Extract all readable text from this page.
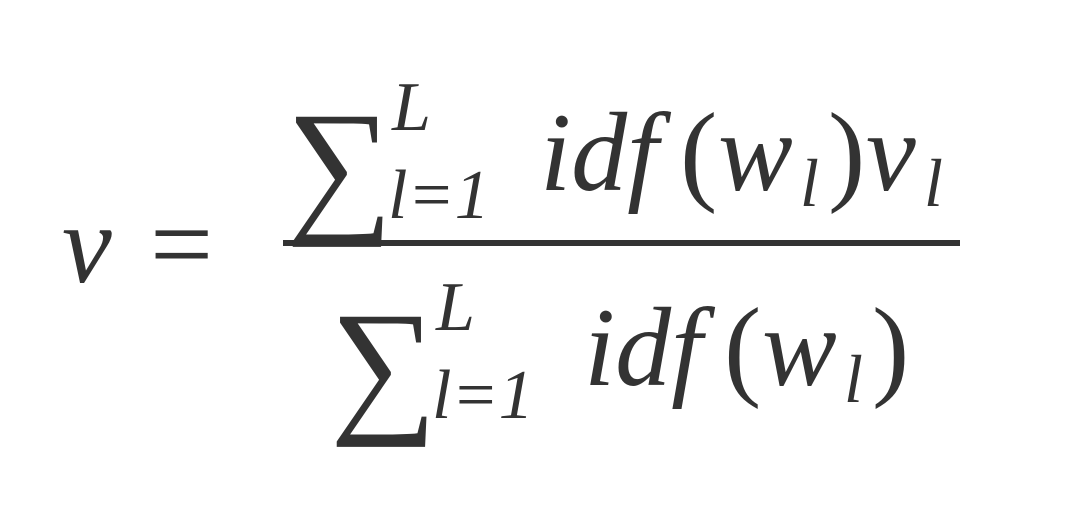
v = ∑ L
l=1 idf ( w l ) v l
∑ L
l=1 idf ( w l )
